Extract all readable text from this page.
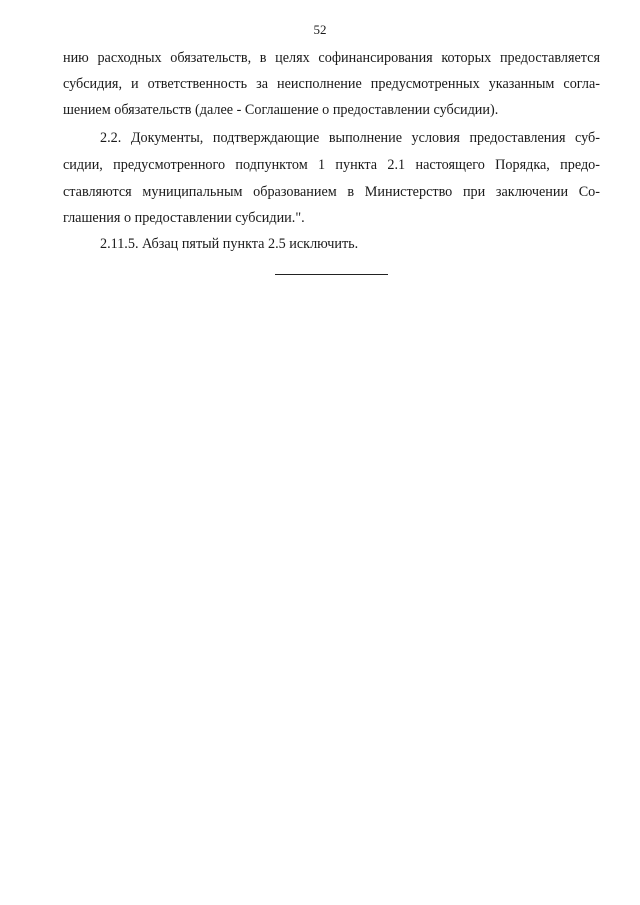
52
нию расходных обязательств, в целях софинансирования которых предоставляется
субсидия, и ответственность за неисполнение предусмотренных указанным согла-
шением обязательств (далее - Соглашение о предоставлении субсидии).
2.2. Документы, подтверждающие выполнение условия предоставления суб-
сидии, предусмотренного подпунктом 1 пункта 2.1 настоящего Порядка, предо-
ставляются муниципальным образованием в Министерство при заключении Со-
глашения о предоставлении субсидии.".
2.11.5. Абзац пятый пункта 2.5 исключить.
